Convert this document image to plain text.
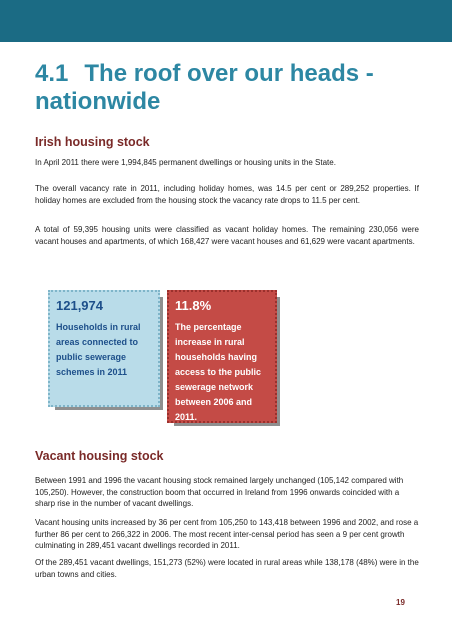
4.1 The roof over our heads - nationwide
Irish housing stock

In April 2011 there were 1,994,845 permanent dwellings or housing units in the State.

The overall vacancy rate in 2011, including holiday homes, was 14.5 per cent or 289,252 properties. If holiday homes are excluded from the housing stock the vacancy rate drops to 11.5 per cent.

A total of 59,395 housing units were classified as vacant holiday homes. The remaining 230,056 were vacant houses and apartments, of which 168,427 were vacant houses and 61,629 were vacant apartments.

121,974

Households in rural areas connected to public sewerage schemes in 2011

11.8%

The percentage increase in rural households having access to the public sewerage network between 2006 and 2011.

Vacant housing stock

Between 1991 and 1996 the vacant housing stock remained largely unchanged (105,142 compared with 105,250). However, the construction boom that occurred in Ireland from 1996 onwards coincided with a sharp rise in the number of vacant dwellings.

Vacant housing units increased by 36 per cent from 105,250 to 143,418 between 1996 and 2002, and rose a further 86 per cent to 266,322 in 2006. The most recent inter-censal period has seen a 9 per cent growth culminating in 289,451 vacant dwellings recorded in 2011.

Of the 289,451 vacant dwellings, 151,273 (52%) were located in rural areas while 138,178 (48%) were in the urban towns and cities.

19
